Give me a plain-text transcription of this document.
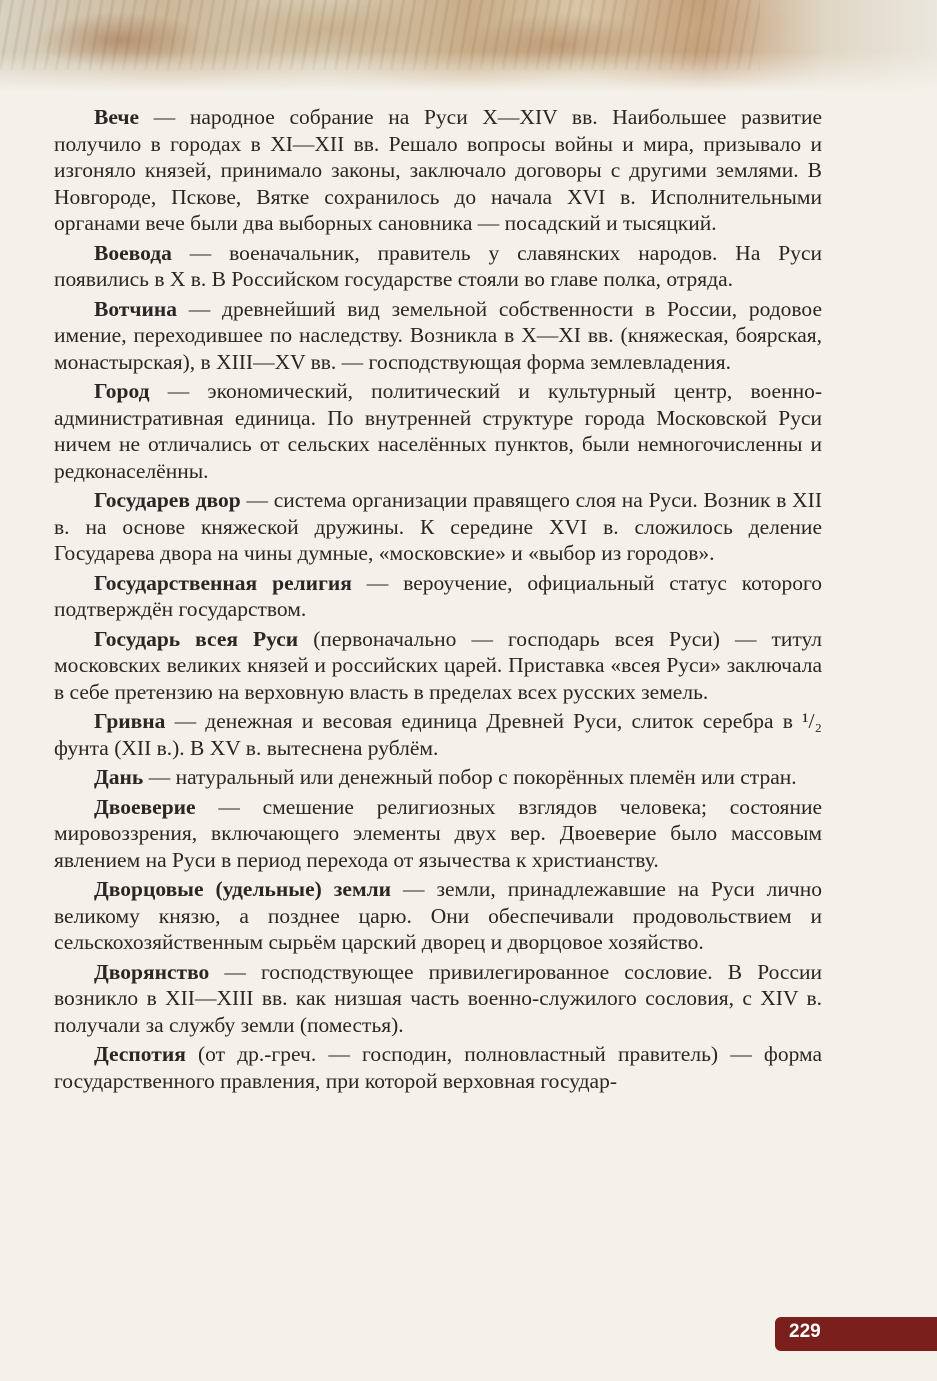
Вече — народное собрание на Руси X—XIV вв. Наибольшее развитие получило в городах в XI—XII вв. Решало вопросы войны и мира, призывало и изгоняло князей, принимало законы, заключало договоры с другими землями. В Новгороде, Пскове, Вятке сохранилось до начала XVI в. Исполнительными органами вече были два выборных сановника — посадский и тысяцкий.

Воевода — военачальник, правитель у славянских народов. На Руси появились в X в. В Российском государстве стояли во главе полка, отряда.

Вотчина — древнейший вид земельной собственности в России, родовое имение, переходившее по наследству. Возникла в X—XI вв. (княжеская, боярская, монастырская), в XIII—XV вв. — господствующая форма землевладения.

Город — экономический, политический и культурный центр, военно-административная единица. По внутренней структуре города Московской Руси ничем не отличались от сельских населённых пунктов, были немногочисленны и редконаселённы.

Государев двор — система организации правящего слоя на Руси. Возник в XII в. на основе княжеской дружины. К середине XVI в. сложилось деление Государева двора на чины думные, «московские» и «выбор из городов».

Государственная религия — вероучение, официальный статус которого подтверждён государством.

Государь всея Руси (первоначально — господарь всея Руси) — титул московских великих князей и российских царей. Приставка «всея Руси» заключала в себе претензию на верховную власть в пределах всех русских земель.

Гривна — денежная и весовая единица Древней Руси, слиток серебра в ¹/₂ фунта (XII в.). В XV в. вытеснена рублём.

Дань — натуральный или денежный побор с покорённых племён или стран.

Двоеверие — смешение религиозных взглядов человека; состояние мировоззрения, включающего элементы двух вер. Двоеверие было массовым явлением на Руси в период перехода от язычества к христианству.

Дворцовые (удельные) земли — земли, принадлежавшие на Руси лично великому князю, а позднее царю. Они обеспечивали продовольствием и сельскохозяйственным сырьём царский дворец и дворцовое хозяйство.

Дворянство — господствующее привилегированное сословие. В России возникло в XII—XIII вв. как низшая часть военно-служилого сословия, с XIV в. получали за службу земли (поместья).

Деспотия (от др.-греч. — господин, полновластный правитель) — форма государственного правления, при которой верховная государ-

229
